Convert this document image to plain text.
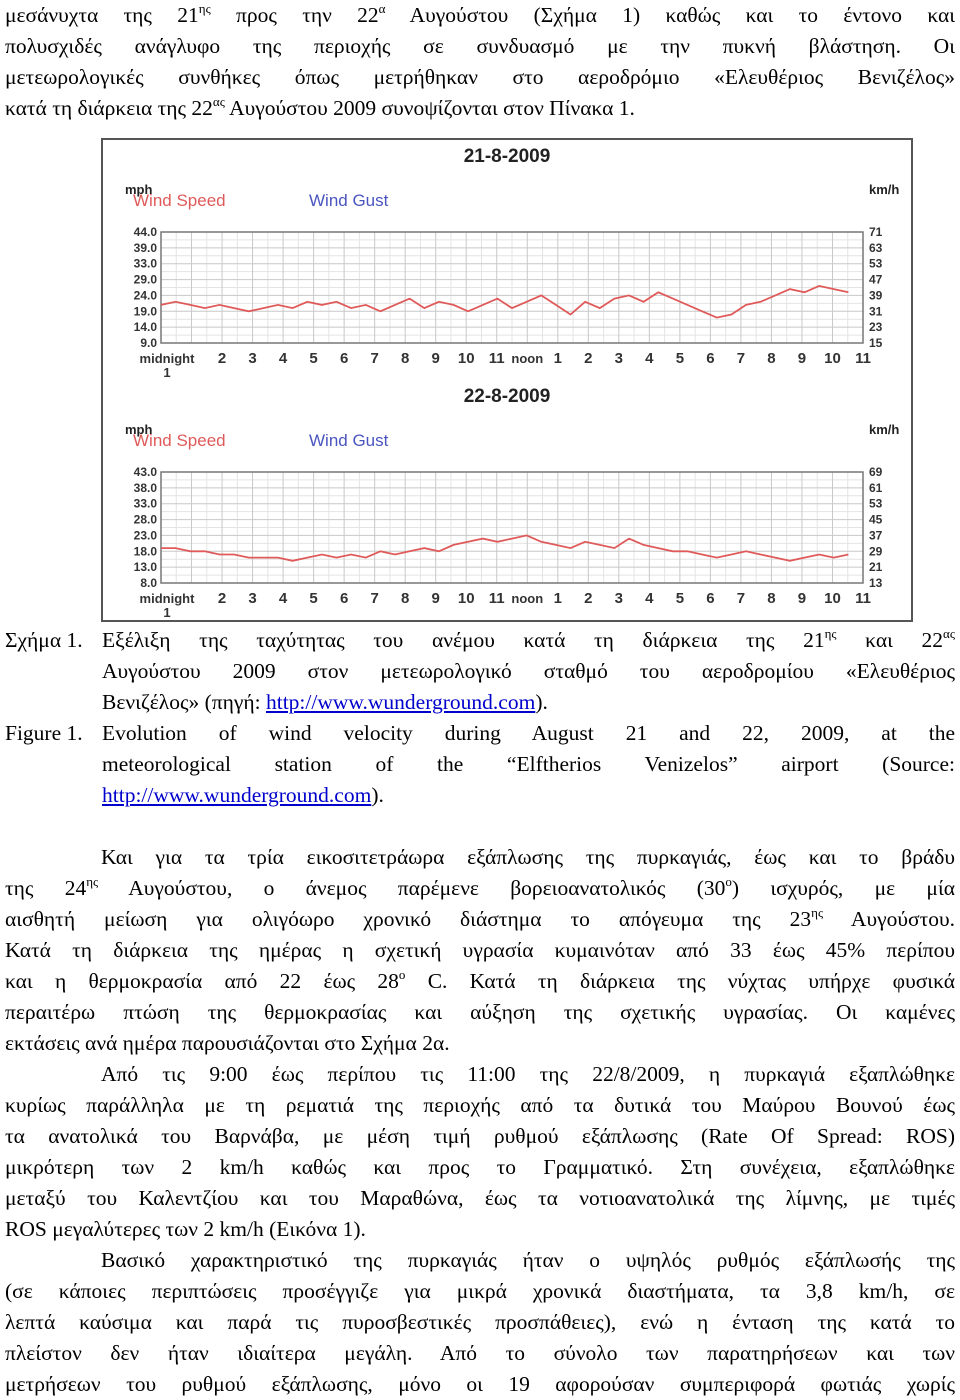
μεσάνυχτα της $21^{\eta\varsigma}$ προς την $22^\alpha$ Αυγούστου (Σχήμα 1) καθώς και το έντονο και
πολυσχιδές ανάγλυφο της περιοχής σε συνδυασμό με την πυκνή βλάστηση. Οι
μετεωρολογικές συνθήκες όπως μετρήθηκαν στο αεροδρόμιο «Ελευθέριος Βενιζέλος»
κατά τη διάρκεια της $22^{\alpha\varsigma}$ Αυγούστου 2009 συνοψίζονται στον Πίνακα 1.
21-8-2009
mph	km/h
Wind Speed	Wind Gust
44.0	71
39.0	63
33.0	53
29.0	47
24.0	39
19.0	31
14.0	23
9.0	15
midnight 2 3 4 5 6 7 8 9 10 11 noon 1 2 3 4 5 6 7 8 9 10 11
1
22-8-2009
mph	km/h
Wind Speed	Wind Gust
43.0	69
38.0	61
33.0	53
28.0	45
23.0	37
18.0	29
13.0	21
8.0	13
midnight 2 3 4 5 6 7 8 9 10 11 noon 1 2 3 4 5 6 7 8 9 10 11
1
Σχήμα 1. Εξέλιξη της ταχύτητας του ανέμου κατά τη διάρκεια της $21^{\eta\varsigma}$ και $22^{\alpha\varsigma}$
Αυγούστου 2009 στον μετεωρολογικό σταθμό του αεροδρομίου «Ελευθέριος
Βενιζέλος» (πηγή: http://www.wunderground.com).
Figure 1. Evolution of wind velocity during August 21 and 22, 2009, at the
meteorological station of the “Elftherios Venizelos” airport (Source:
http://www.wunderground.com).
Και για τα τρία εικοσιτετράωρα εξάπλωσης της πυρκαγιάς, έως και το βράδυ
της $24^{\eta\varsigma}$ Αυγούστου, ο άνεμος παρέμενε βορειοανατολικός $(30^o)$ ισχυρός, με μία
αισθητή μείωση για ολιγόωρο χρονικό διάστημα το απόγευμα της $23^{\eta\varsigma}$ Αυγούστου.
Κατά τη διάρκεια της ημέρας η σχετική υγρασία κυμαινόταν από 33 έως 45% περίπου
και η θερμοκρασία από 22 έως $28^o$ C. Κατά τη διάρκεια της νύχτας υπήρχε φυσικά
περαιτέρω πτώση της θερμοκρασίας και αύξηση της σχετικής υγρασίας. Οι καμένες
εκτάσεις ανά ημέρα παρουσιάζονται στο Σχήμα 2α.
Από τις 9:00 έως περίπου τις 11:00 της 22/8/2009, η πυρκαγιά εξαπλώθηκε
κυρίως παράλληλα με τη ρεματιά της περιοχής από τα δυτικά του Μαύρου Βουνού έως
τα ανατολικά του Βαρνάβα, με μέση τιμή ρυθμού εξάπλωσης (Rate Of Spread: ROS)
μικρότερη των 2 km/h καθώς και προς το Γραμματικό. Στη συνέχεια, εξαπλώθηκε
μεταξύ του Καλεντζίου και του Μαραθώνα, έως τα νοτιοανατολικά της λίμνης, με τιμές
ROS μεγαλύτερες των 2 km/h (Εικόνα 1).
Βασικό χαρακτηριστικό της πυρκαγιάς ήταν ο υψηλός ρυθμός εξάπλωσής της
(σε κάποιες περιπτώσεις προσέγγιζε για μικρά χρονικά διαστήματα, τα 3,8 km/h, σε
λεπτά καύσιμα και παρά τις πυροσβεστικές προσπάθειες), ενώ η ένταση της κατά το
πλείστον δεν ήταν ιδιαίτερα μεγάλη. Από το σύνολο των παρατηρήσεων και των
μετρήσεων του ρυθμού εξάπλωσης, μόνο οι 19 αφορούσαν συμπεριφορά φωτιάς χωρίς
